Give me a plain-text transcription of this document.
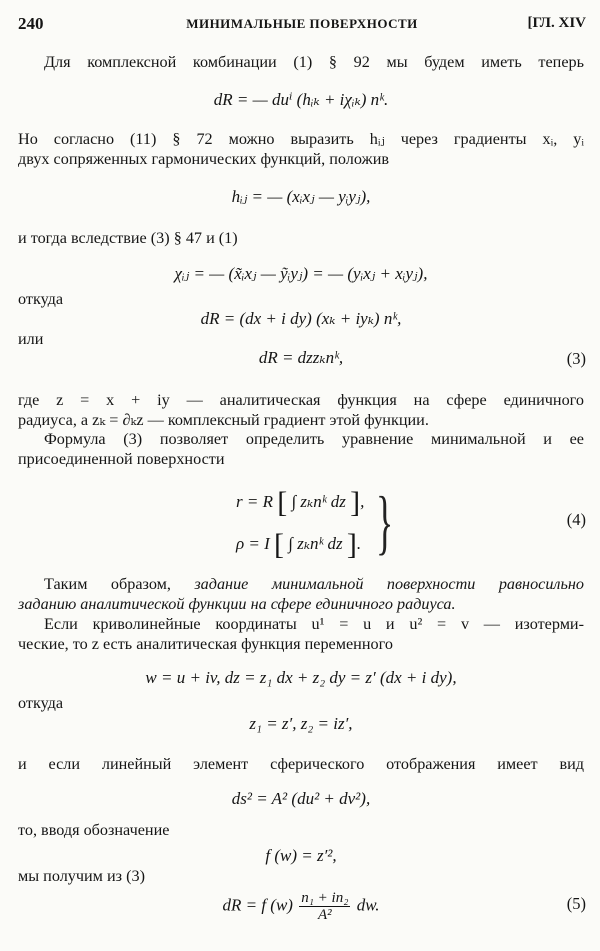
240	МИНИМАЛЬНЫЕ ПОВЕРХНОСТИ	[ГЛ. XIV
Для комплексной комбинации (1) § 92 мы будем иметь теперь
dR = — duⁱ (hᵢₖ + iχᵢₖ) nᵏ.
Но согласно (11) § 72 можно выразить hᵢⱼ через градиенты xᵢ, yᵢ
двух сопряженных гармонических функций, положив
hᵢⱼ = — (xᵢxⱼ — yᵢyⱼ),
и тогда вследствие (3) § 47 и (1)
χᵢⱼ = — (x̃ᵢxⱼ — ỹᵢyⱼ) = — (yᵢxⱼ + xᵢyⱼ),
откуда
dR = (dx + i dy) (xₖ + iyₖ) nᵏ,
или
dR = dzzₖnᵏ,	(3)
где z = x + iy — аналитическая функция на сфере единичного
радиуса, а zₖ = ∂ₖz — комплексный градиент этой функции.
Формула (3) позволяет определить уравнение минимальной и ее
присоединенной поверхности
r = R [ ∫ zₖnᵏ dz ],
ρ = I [ ∫ zₖnᵏ dz ]. }	(4)
Таким образом, задание минимальной поверхности равносильно
заданию аналитической функции на сфере единичного радиуса.
Если криволинейные координаты u¹ = u и u² = v — изотерми-
ческие, то z есть аналитическая функция переменного
w = u + iv, dz = z₁ dx + z₂ dy = z′ (dx + i dy),
откуда
z₁ = z′, z₂ = iz′,
и если линейный элемент сферического отображения имеет вид
ds² = A² (du² + dv²),
то, вводя обозначение
f (w) = z′²,
мы получим из (3)
dR = f $(w) \frac{\text{n₁ + in₂}}{\text{A²}}$ dw.	(5)
